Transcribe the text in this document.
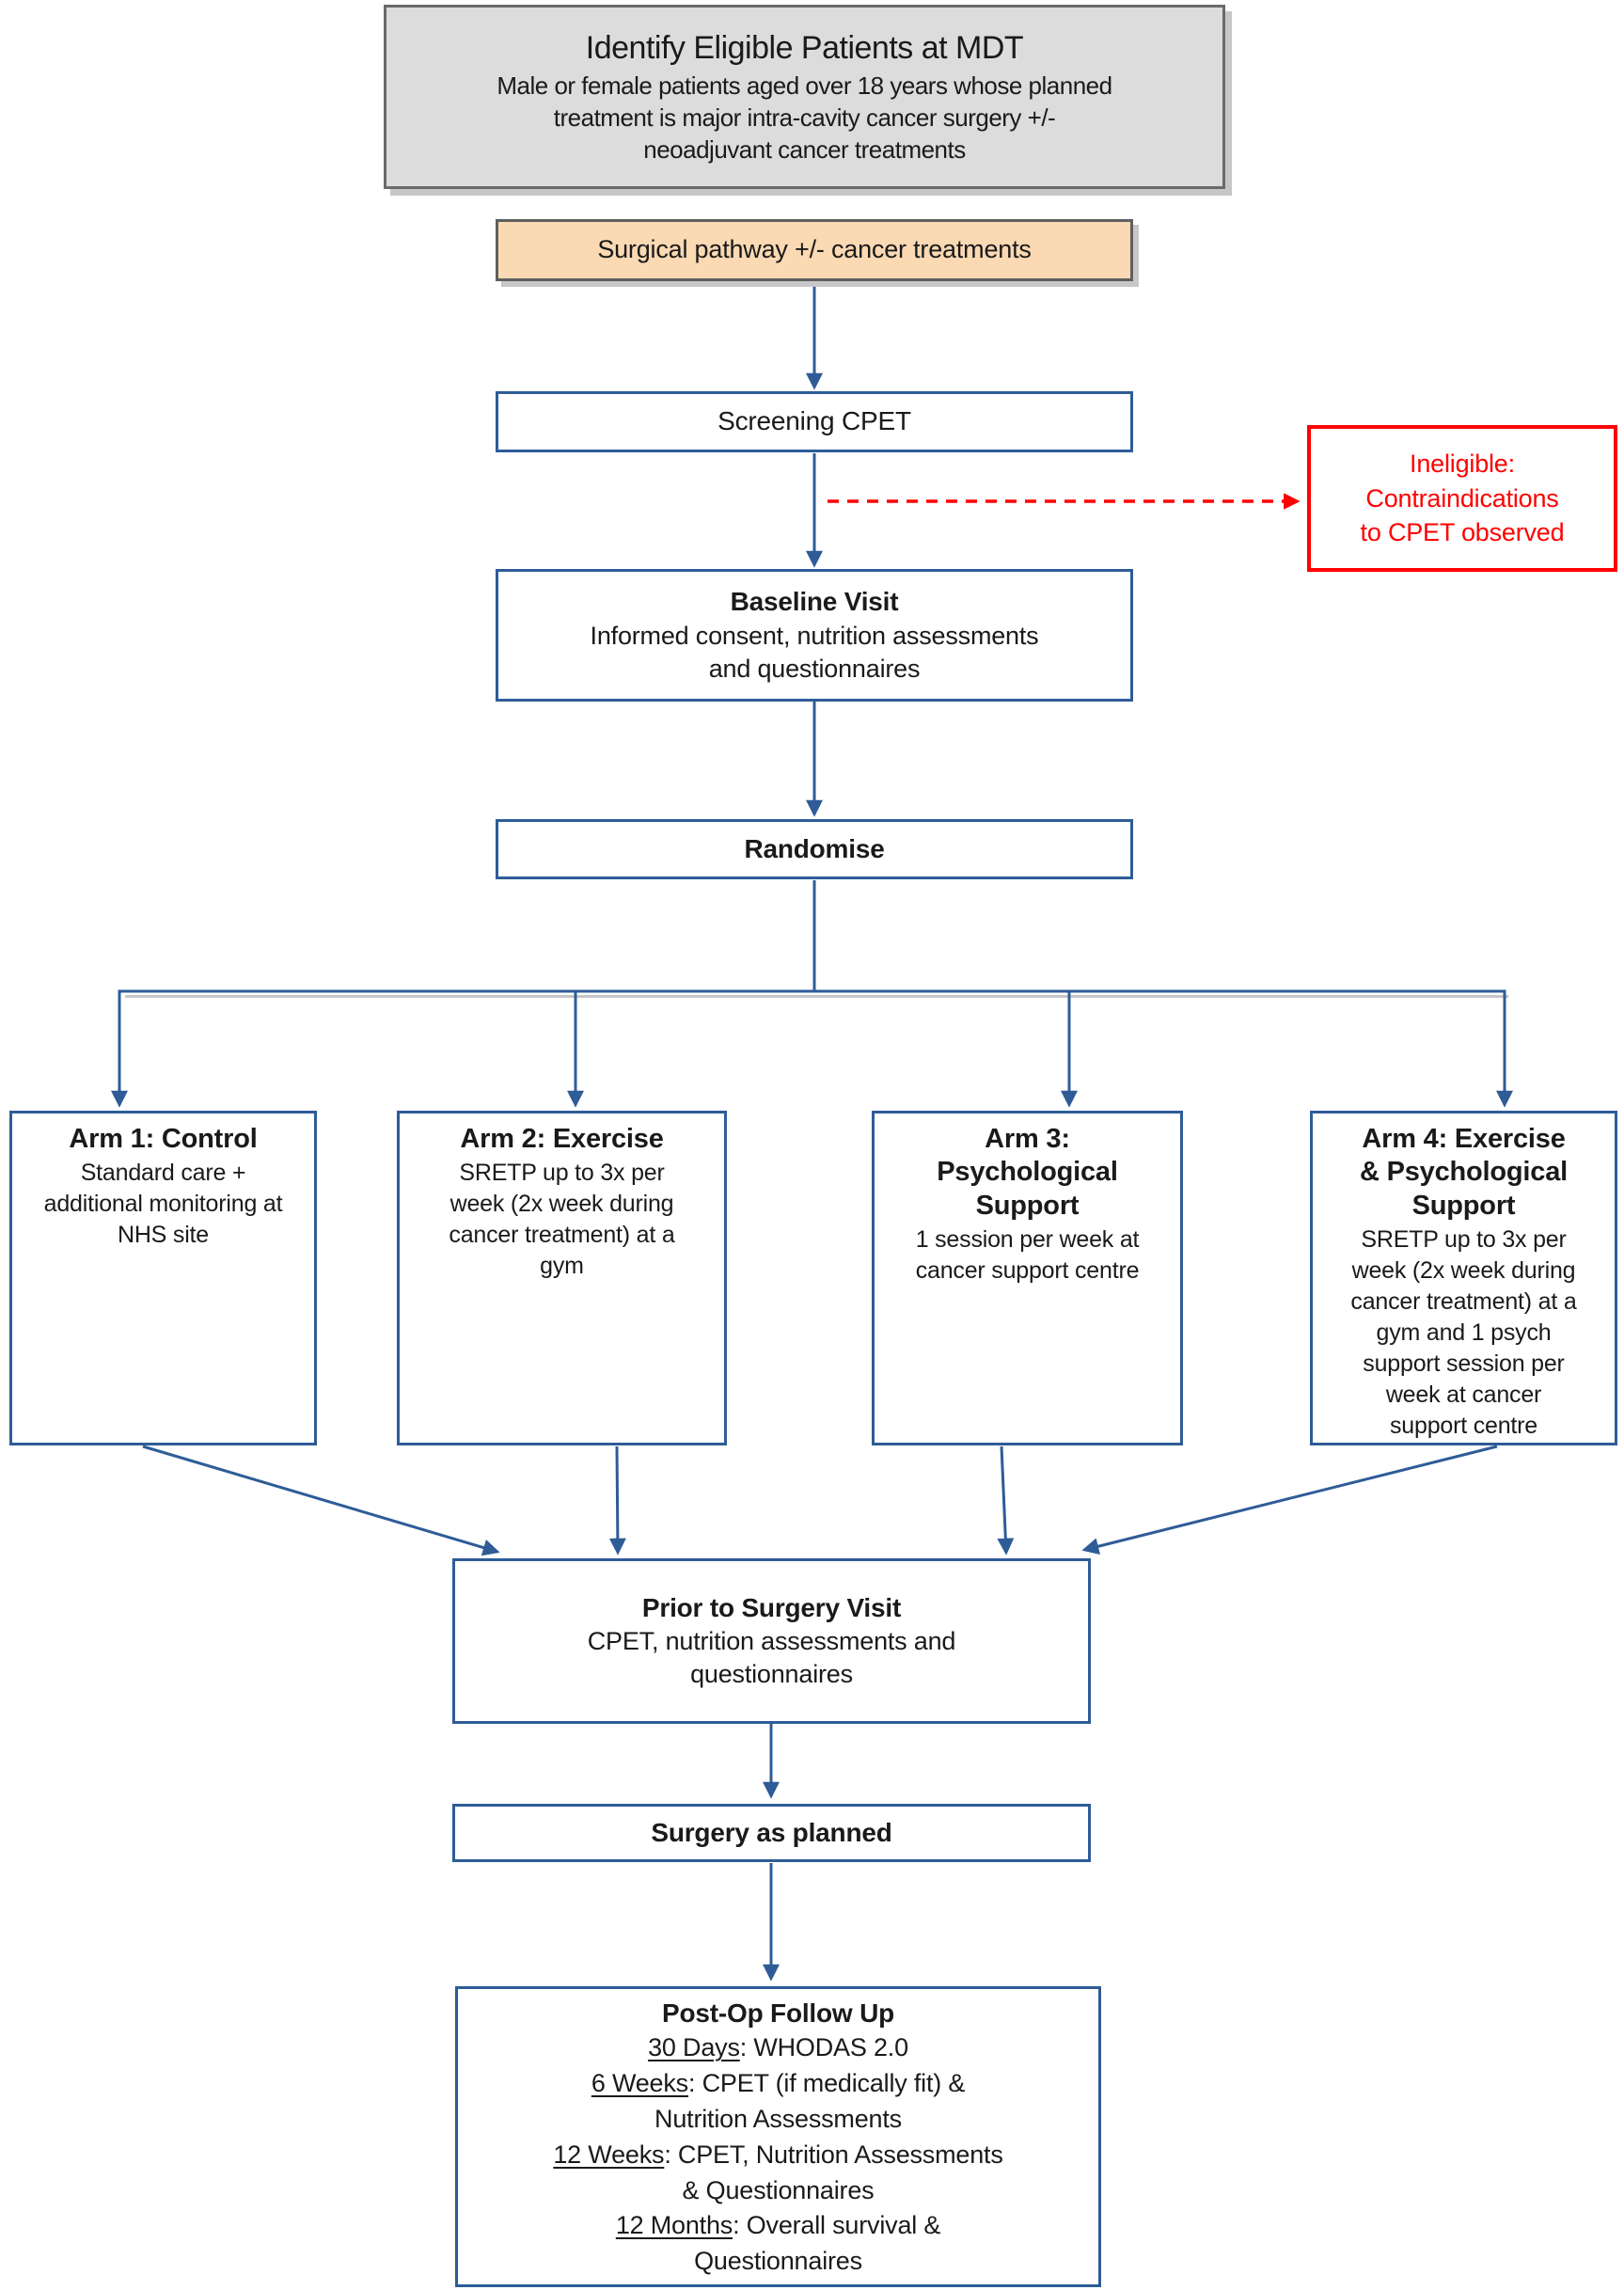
Identify Eligible Patients at MDT
Male or female patients aged over 18 years whose planned treatment is major intra-cavity cancer surgery +/- neoadjuvant cancer treatments
Surgical pathway +/- cancer treatments
Screening CPET
Ineligible: Contraindications to CPET observed
Baseline Visit
Informed consent, nutrition assessments and questionnaires
Randomise
Arm 1: Control
Standard care + additional monitoring at NHS site
Arm 2: Exercise
SRETP up to 3x per week (2x week during cancer treatment) at a gym
Arm 3: Psychological Support
1 session per week at cancer support centre
Arm 4: Exercise & Psychological Support
SRETP up to 3x per week (2x week during cancer treatment) at a gym and 1 psych support session per week at cancer support centre
Prior to Surgery Visit
CPET, nutrition assessments and questionnaires
Surgery as planned
Post-Op Follow Up
30 Days: WHODAS 2.0
6 Weeks: CPET (if medically fit) & Nutrition Assessments
12 Weeks: CPET, Nutrition Assessments & Questionnaires
12 Months: Overall survival & Questionnaires
